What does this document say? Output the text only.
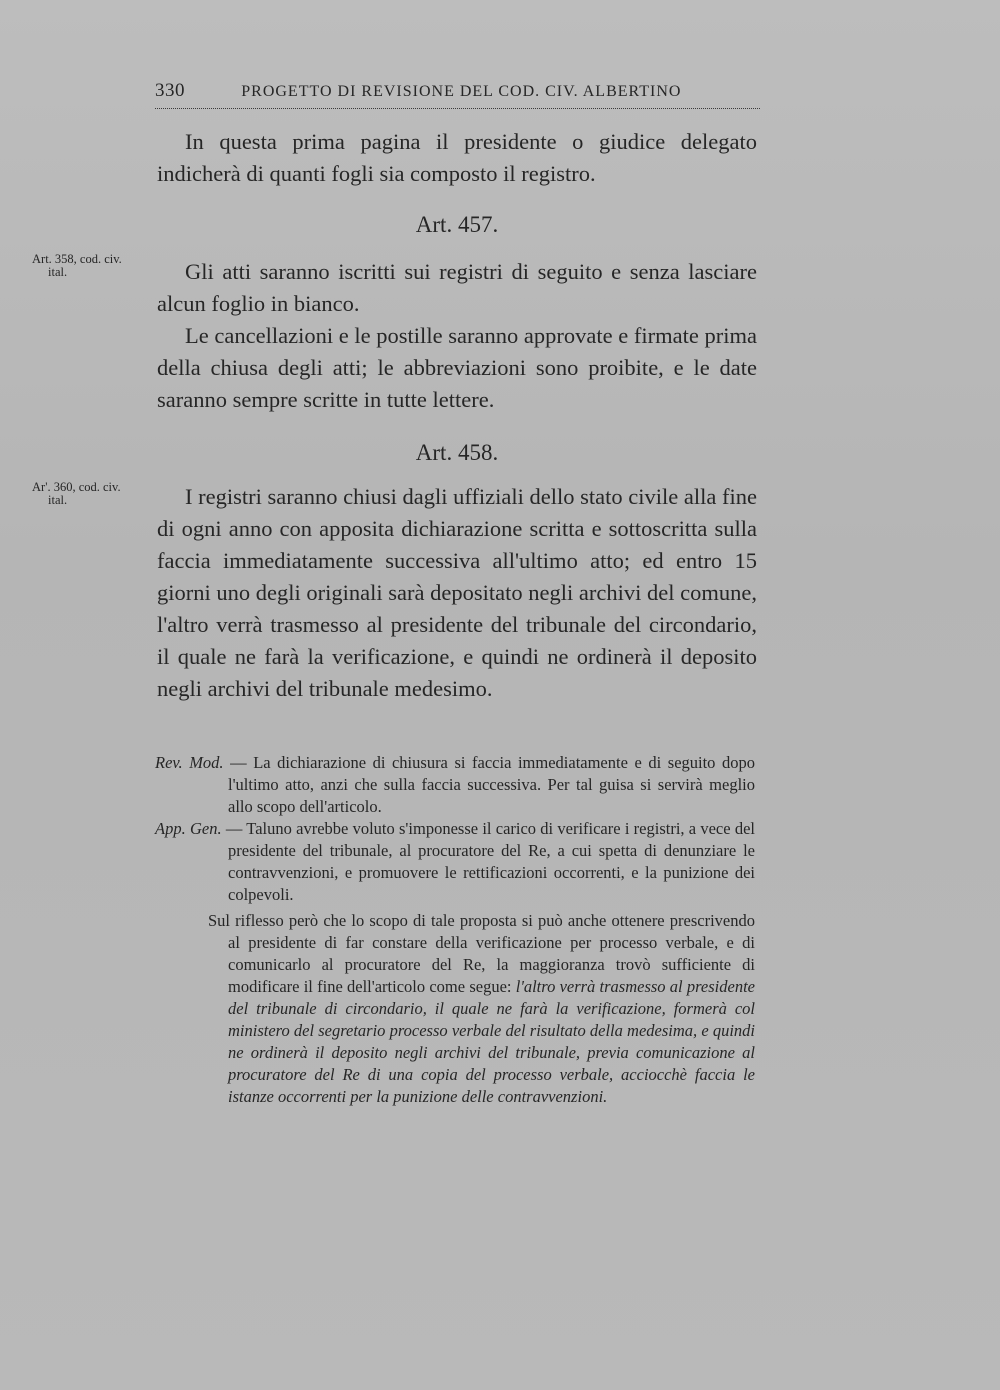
330	PROGETTO DI REVISIONE DEL COD. CIV. ALBERTINO

In questa prima pagina il presidente o giudice delegato indicherà di quanti fogli sia composto il registro.

Art. 457.
Art. 358, cod. civ.
ital.	Gli atti saranno iscritti sui registri di seguito e senza lasciare alcun foglio in bianco.

Le cancellazioni e le postille saranno approvate e firmate prima della chiusa degli atti; le abbreviazioni sono proibite, e le date saranno sempre scritte in tutte lettere.

Art. 458.
Ar'. 360, cod. civ.
ital.	I registri saranno chiusi dagli uffiziali dello stato civile alla fine di ogni anno con apposita dichiarazione scritta e sottoscritta sulla faccia immediatamente successiva all'ultimo atto; ed entro 15 giorni uno degli originali sarà depositato negli archivi del comune, l'altro verrà trasmesso al presidente del tribunale del circondario, il quale ne farà la verificazione, e quindi ne ordinerà il deposito negli archivi del tribunale medesimo.

Rev. Mod. — La dichiarazione di chiusura si faccia immediatamente e di seguito dopo l'ultimo atto, anzi che sulla faccia successiva. Per tal guisa si servirà meglio allo scopo dell'articolo.

App. Gen. — Taluno avrebbe voluto s'imponesse il carico di verificare i registri, a vece del presidente del tribunale, al procuratore del Re, a cui spetta di denunziare le contravvenzioni, e promuovere le rettificazioni occorrenti, e la punizione dei colpevoli.

Sul riflesso però che lo scopo di tale proposta si può anche ottenere prescrivendo al presidente di far constare della verificazione per processo verbale, e di comunicarlo al procuratore del Re, la maggioranza trovò sufficiente di modificare il fine dell'articolo come segue: l'altro verrà trasmesso al presidente del tribunale di circondario, il quale ne farà la verificazione, formerà col ministero del segretario processo verbale del risultato della medesima, e quindi ne ordinerà il deposito negli archivi del tribunale, previa comunicazione al procuratore del Re di una copia del processo verbale, acciocchè faccia le istanze occorrenti per la punizione delle contravvenzioni.
